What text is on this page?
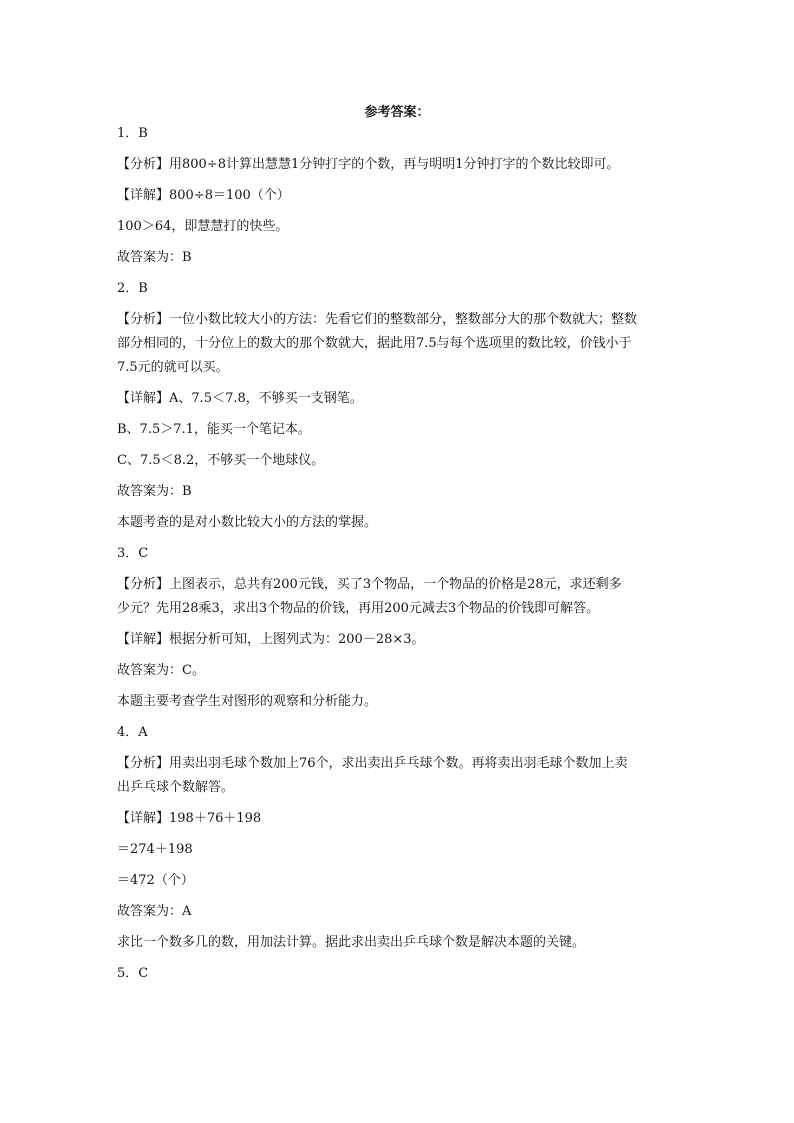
参考答案：

1．B

【分析】用800÷8计算出慧慧1分钟打字的个数，再与明明1分钟打字的个数比较即可。

【详解】800÷8＝100（个）

100＞64，即慧慧打的快些。

故答案为：B

2．B

【分析】一位小数比较大小的方法：先看它们的整数部分，整数部分大的那个数就大；整数

部分相同的，十分位上的数大的那个数就大，据此用7.5与每个选项里的数比较，价钱小于

7.5元的就可以买。

【详解】A、7.5＜7.8，不够买一支钢笔。

B、7.5＞7.1，能买一个笔记本。

C、7.5＜8.2，不够买一个地球仪。

故答案为：B

本题考查的是对小数比较大小的方法的掌握。

3．C

【分析】上图表示，总共有200元钱，买了3个物品，一个物品的价格是28元，求还剩多

少元？先用28乘3，求出3个物品的价钱，再用200元减去3个物品的价钱即可解答。

【详解】根据分析可知，上图列式为：200－28×3。

故答案为：C。

本题主要考查学生对图形的观察和分析能力。

4．A

【分析】用卖出羽毛球个数加上76个，求出卖出乒乓球个数。再将卖出羽毛球个数加上卖

出乒乓球个数解答。

【详解】198＋76＋198

＝274＋198

＝472（个）

故答案为：A

求比一个数多几的数，用加法计算。据此求出卖出乒乓球个数是解决本题的关键。

5．C
